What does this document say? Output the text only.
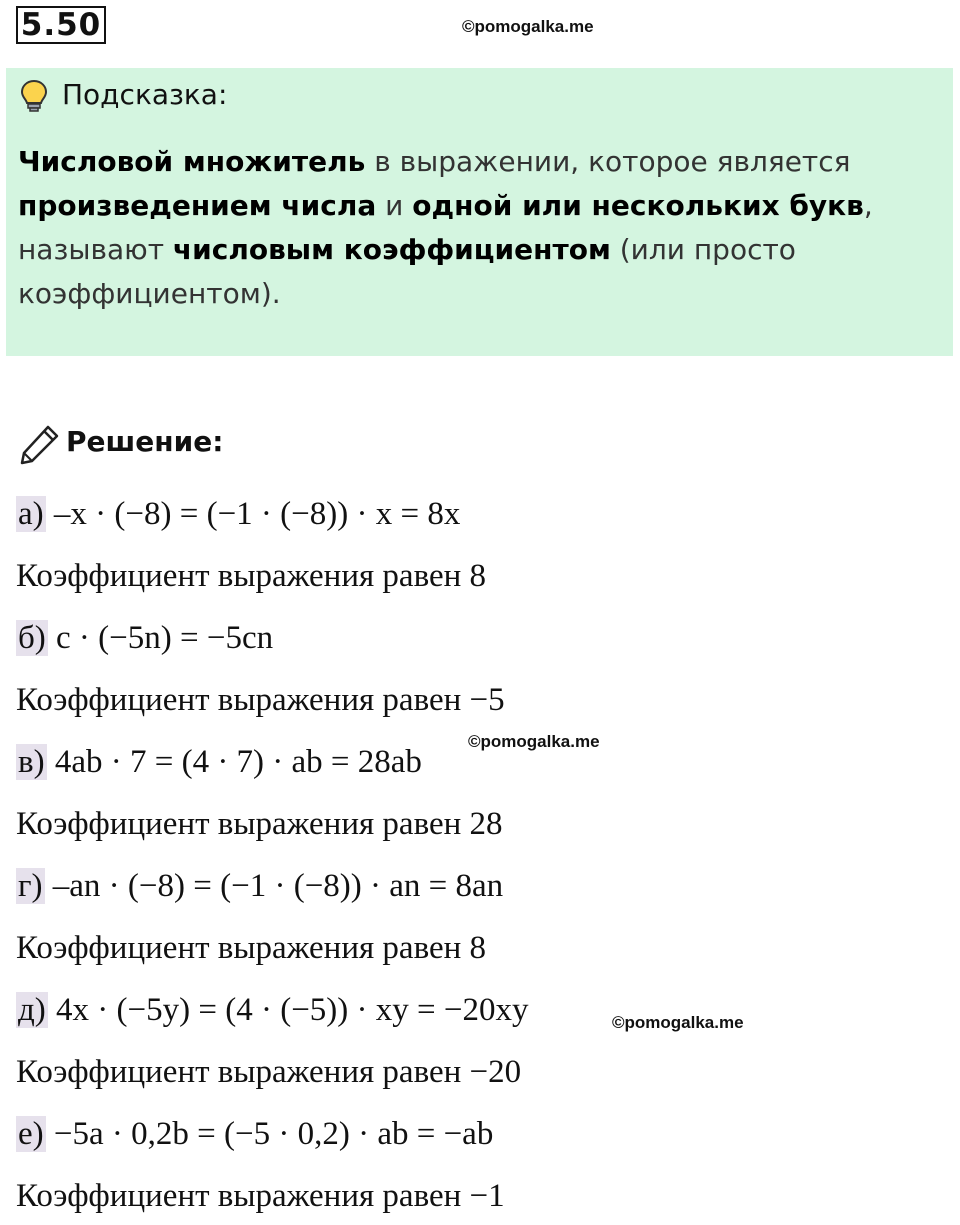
5.50	©pomogalka.me
Подсказка:
Числовой множитель в выражении, которое является произведением числа и одной или нескольких букв, называют числовым коэффициентом (или просто коэффициентом).
Решение:
а) –x · (−8) = (−1 · (−8)) · x = 8x
Коэффициент выражения равен 8
б) c · (−5n) = −5cn
Коэффициент выражения равен −5
в) 4ab · 7 = (4 · 7) · ab = 28ab
©pomogalka.me
Коэффициент выражения равен 28
г) –an · (−8) = (−1 · (−8)) · an = 8an
Коэффициент выражения равен 8
д) 4x · (−5y) = (4 · (−5)) · xy = −20xy	©pomogalka.me
Коэффициент выражения равен −20
е) −5a · 0,2b = (−5 · 0,2) · ab = −ab
Коэффициент выражения равен −1
